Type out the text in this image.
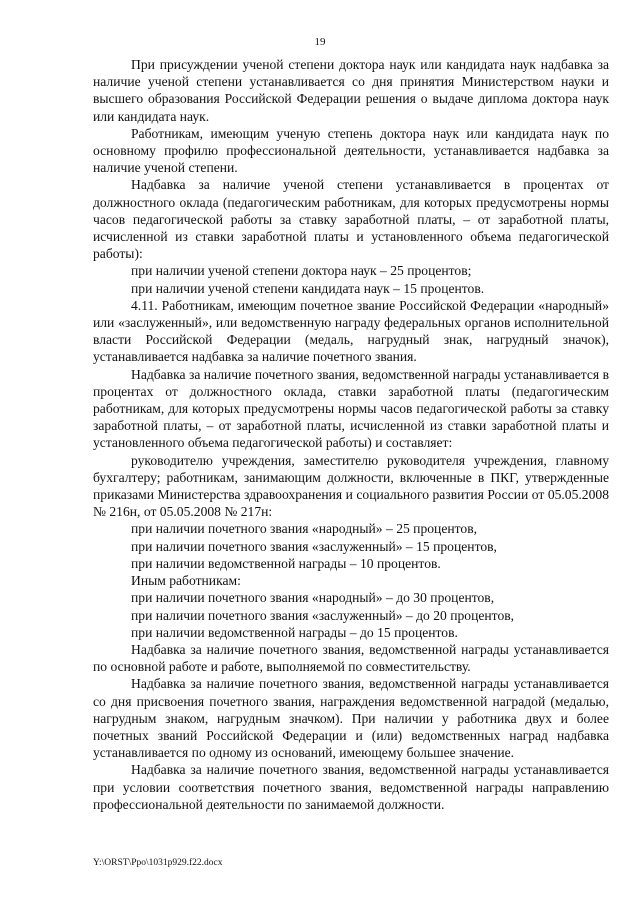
19

При присуждении ученой степени доктора наук или кандидата наук надбавка за наличие ученой степени устанавливается со дня принятия Министерством науки и высшего образования Российской Федерации решения о выдаче диплома доктора наук или кандидата наук.

Работникам, имеющим ученую степень доктора наук или кандидата наук по основному профилю профессиональной деятельности, устанавливается надбавка за наличие ученой степени.

Надбавка за наличие ученой степени устанавливается в процентах от должностного оклада (педагогическим работникам, для которых предусмотрены нормы часов педагогической работы за ставку заработной платы, – от заработной платы, исчисленной из ставки заработной платы и установленного объема педагогической работы):

при наличии ученой степени доктора наук – 25 процентов;

при наличии ученой степени кандидата наук – 15 процентов.

4.11. Работникам, имеющим почетное звание Российской Федерации «народный» или «заслуженный», или ведомственную награду федеральных органов исполнительной власти Российской Федерации (медаль, нагрудный знак, нагрудный значок), устанавливается надбавка за наличие почетного звания.

Надбавка за наличие почетного звания, ведомственной награды устанавливается в процентах от должностного оклада, ставки заработной платы (педагогическим работникам, для которых предусмотрены нормы часов педагогической работы за ставку заработной платы, – от заработной платы, исчисленной из ставки заработной платы и установленного объема педагогической работы) и составляет:

руководителю учреждения, заместителю руководителя учреждения, главному бухгалтеру; работникам, занимающим должности, включенные в ПКГ, утвержденные приказами Министерства здравоохранения и социального развития России от 05.05.2008 № 216н, от 05.05.2008 № 217н:

при наличии почетного звания «народный» – 25 процентов,

при наличии почетного звания «заслуженный» – 15 процентов,

при наличии ведомственной награды – 10 процентов.

Иным работникам:

при наличии почетного звания «народный» – до 30 процентов,

при наличии почетного звания «заслуженный» – до 20 процентов,

при наличии ведомственной награды – до 15 процентов.

Надбавка за наличие почетного звания, ведомственной награды устанавливается по основной работе и работе, выполняемой по совместительству.

Надбавка за наличие почетного звания, ведомственной награды устанавливается со дня присвоения почетного звания, награждения ведомственной наградой (медалью, нагрудным знаком, нагрудным значком). При наличии у работника двух и более почетных званий Российской Федерации и (или) ведомственных наград надбавка устанавливается по одному из оснований, имеющему большее значение.

Надбавка за наличие почетного звания, ведомственной награды устанавливается при условии соответствия почетного звания, ведомственной награды направлению профессиональной деятельности по занимаемой должности.

Y:\ORST\Ppo\1031p929.f22.docx
